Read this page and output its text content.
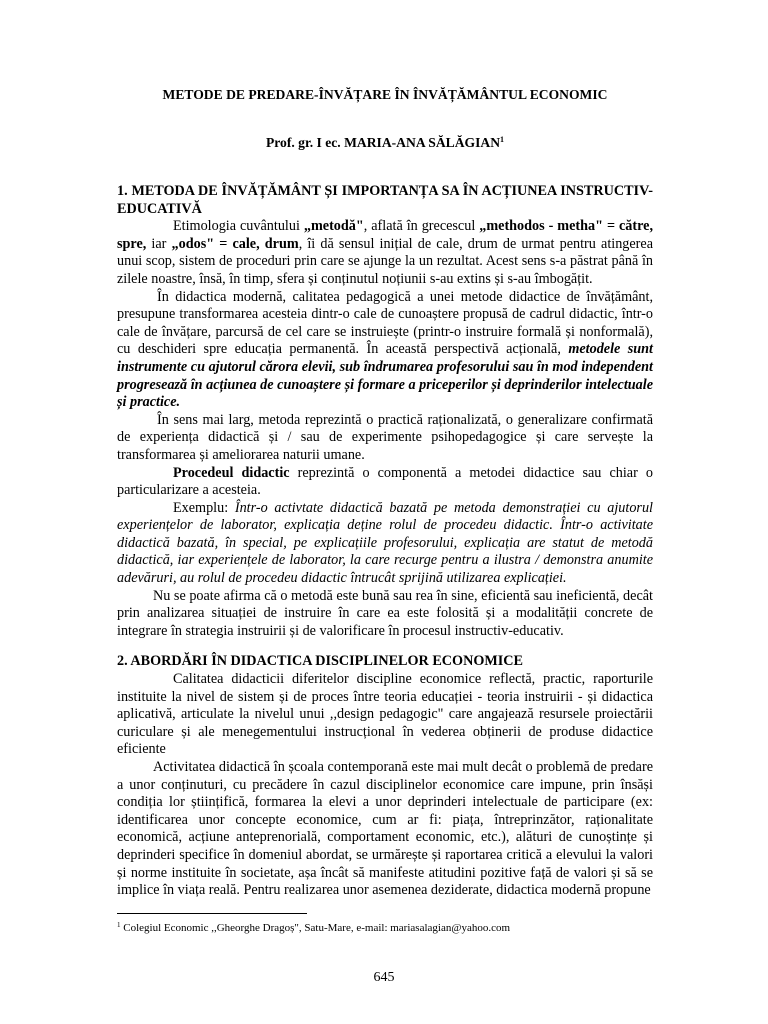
METODE DE PREDARE-ÎNVĂȚARE ÎN ÎNVĂȚĂMÂNTUL ECONOMIC
Prof. gr. I ec. MARIA-ANA SĂLĂGIAN$^1$

1. METODA DE ÎNVĂȚĂMÂNT ȘI IMPORTANȚA SA ÎN ACȚIUNEA INSTRUCTIV-EDUCATIVĂ

Etimologia cuvântului „metodă", aflată în grecescul „methodos - metha" = către, spre, iar „odos" = cale, drum, îi dă sensul inițial de cale, drum de urmat pentru atingerea unui scop, sistem de proceduri prin care se ajunge la un rezultat. Acest sens s-a păstrat până în zilele noastre, însă, în timp, sfera și conținutul noțiunii s-au extins și s-au îmbogățit.

În didactica modernă, calitatea pedagogică a unei metode didactice de învățământ, presupune transformarea acesteia dintr-o cale de cunoaștere propusă de cadrul didactic, într-o cale de învățare, parcursă de cel care se instruiește (printr-o instruire formală și nonformală), cu deschideri spre educația permanentă. În această perspectivă acțională, metodele sunt instrumente cu ajutorul cărora elevii, sub îndrumarea profesorului sau în mod independent progresează în acțiunea de cunoaștere și formare a priceperilor și deprinderilor intelectuale și practice.

În sens mai larg, metoda reprezintă o practică raționalizată, o generalizare confirmată de experiența didactică și / sau de experimente psihopedagogice și care servește la transformarea și ameliorarea naturii umane.

Procedeul didactic reprezintă o componentă a metodei didactice sau chiar o particularizare a acesteia.

Exemplu: Într-o activtate didactică bazată pe metoda demonstrației cu ajutorul experiențelor de laborator, explicația deține rolul de procedeu didactic. Într-o activitate didactică bazată, în special, pe explicațiile profesorului, explicația are statut de metodă didactică, iar experiențele de laborator, la care recurge pentru a ilustra / demonstra anumite adevăruri, au rolul de procedeu didactic întrucât sprijină utilizarea explicației.

Nu se poate afirma că o metodă este bună sau rea în sine, eficientă sau ineficientă, decât prin analizarea situației de instruire în care ea este folosită și a modalității concrete de integrare în strategia instruirii și de valorificare în procesul instructiv-educativ.

2. ABORDĂRI ÎN DIDACTICA DISCIPLINELOR ECONOMICE

Calitatea didacticii diferitelor discipline economice reflectă, practic, raporturile instituite la nivel de sistem și de proces între teoria educației - teoria instruirii - și didactica aplicativă, articulate la nivelul unui ,,design pedagogic" care angajează resursele proiectării curiculare și ale menegementului instrucțional în vederea obținerii de produse didactice eficiente

Activitatea didactică în școala contemporană este mai mult decât o problemă de predare a unor conținuturi, cu precădere în cazul disciplinelor economice care impune, prin însăși condiția lor științifică, formarea la elevi a unor deprinderi intelectuale de participare (ex: identificarea unor concepte economice, cum ar fi: piața, întreprinzător, raționalitate economică, acțiune anteprenorială, comportament economic, etc.), alături de cunoștințe și deprinderi specifice în domeniul abordat, se urmărește și raportarea critică a elevului la valori și norme instituite în societate, așa încât să manifeste atitudini pozitive față de valori și să se implice în viața reală. Pentru realizarea unor asemenea deziderate, didactica modernă propune

$^1$ Colegiul Economic ,,Gheorghe Dragoș", Satu-Mare, e-mail: mariasalagian@yahoo.com
645
